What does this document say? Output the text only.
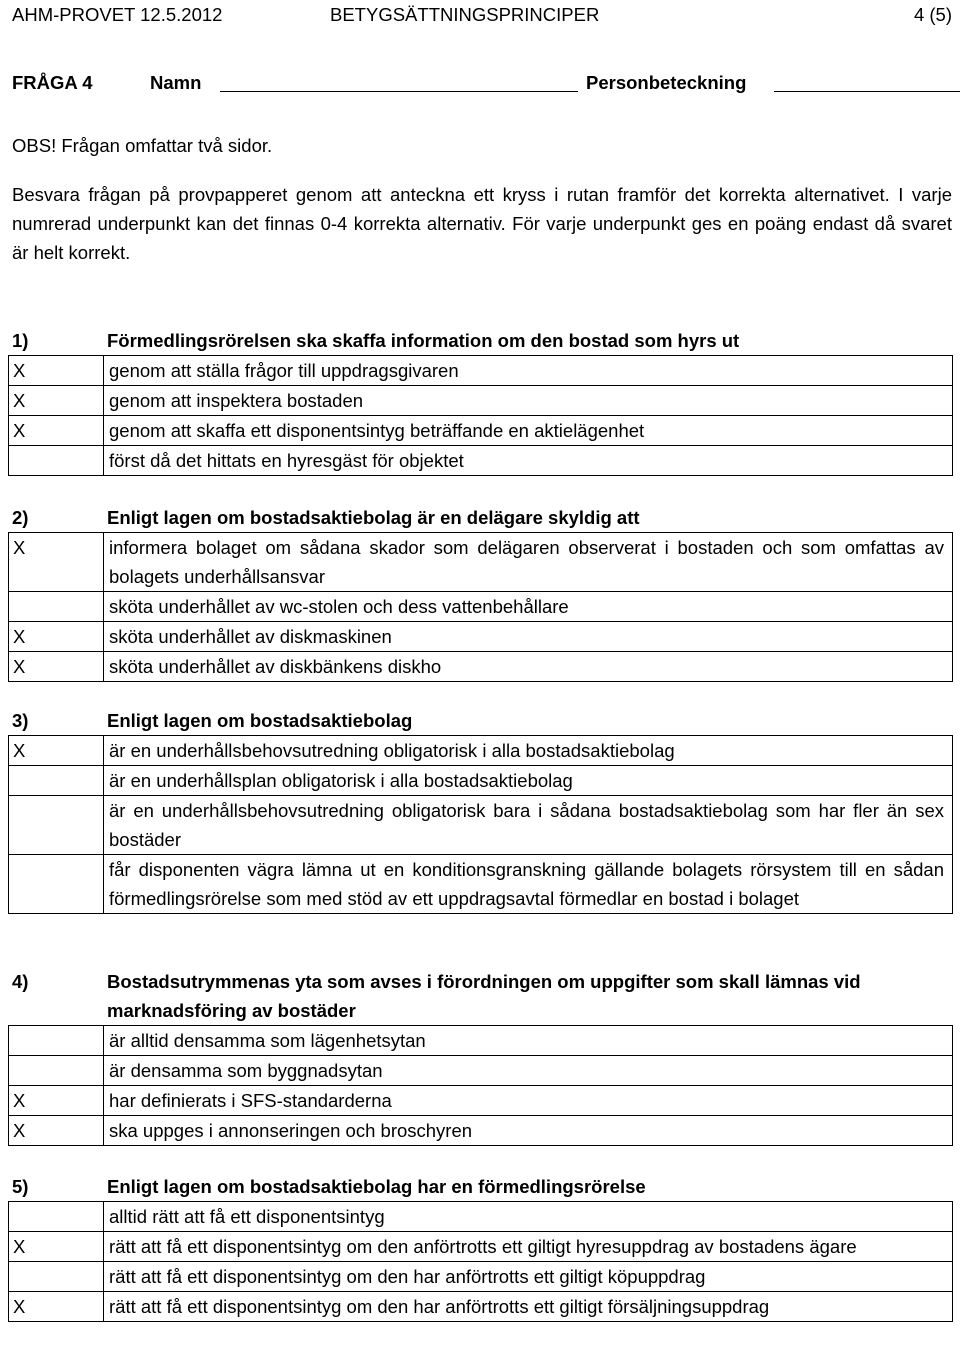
AHM-PROVET 12.5.2012	BETYGSÄTTNINGSPRINCIPER	4 (5)
FRÅGA 4	Namn	Personbeteckning
OBS! Frågan omfattar två sidor.

Besvara frågan på provpapperet genom att anteckna ett kryss i rutan framför det korrekta alternativet. I varje numrerad underpunkt kan det finnas 0-4 korrekta alternativ. För varje underpunkt ges en poäng endast då svaret är helt korrekt.

1)	Förmedlingsrörelsen ska skaffa information om den bostad som hyrs ut
X	genom att ställa frågor till uppdragsgivaren
X	genom att inspektera bostaden
X	genom att skaffa ett disponentsintyg beträffande en aktielägenhet
	först då det hittats en hyresgäst för objektet
2)	Enligt lagen om bostadsaktiebolag är en delägare skyldig att
X	informera bolaget om sådana skador som delägaren observerat i bostaden och som omfattas av bolagets underhållsansvar
	sköta underhållet av wc-stolen och dess vattenbehållare
X	sköta underhållet av diskmaskinen
X	sköta underhållet av diskbänkens diskho
3)	Enligt lagen om bostadsaktiebolag
X	är en underhållsbehovsutredning obligatorisk i alla bostadsaktiebolag
	är en underhållsplan obligatorisk i alla bostadsaktiebolag
	är en underhållsbehovsutredning obligatorisk bara i sådana bostadsaktiebolag som har fler än sex bostäder
	får disponenten vägra lämna ut en konditionsgranskning gällande bolagets rörsystem till en sådan förmedlingsrörelse som med stöd av ett uppdragsavtal förmedlar en bostad i bolaget
4)	Bostadsutrymmenas yta som avses i förordningen om uppgifter som skall lämnas vid marknadsföring av bostäder
	är alltid densamma som lägenhetsytan
	är densamma som byggnadsytan
X	har definierats i SFS-standarderna
X	ska uppges i annonseringen och broschyren
5)	Enligt lagen om bostadsaktiebolag har en förmedlingsrörelse
	alltid rätt att få ett disponentsintyg
X	rätt att få ett disponentsintyg om den anförtrotts ett giltigt hyresuppdrag av bostadens ägare
	rätt att få ett disponentsintyg om den har anförtrotts ett giltigt köpuppdrag
X	rätt att få ett disponentsintyg om den har anförtrotts ett giltigt försäljningsuppdrag
